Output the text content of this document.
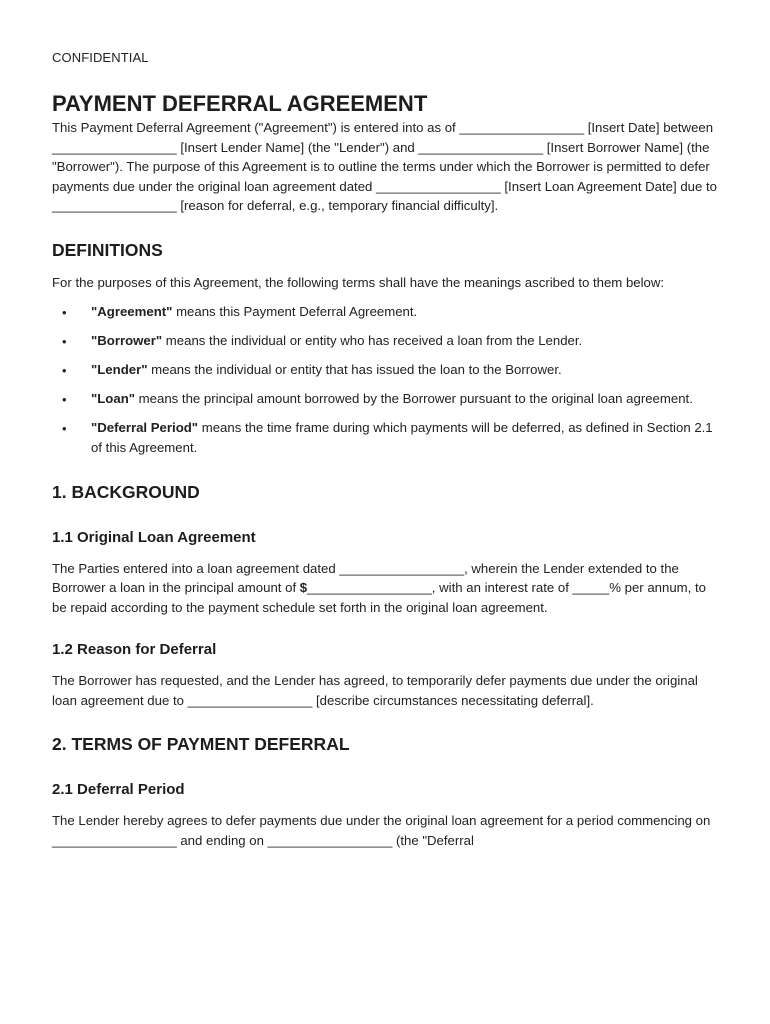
CONFIDENTIAL

PAYMENT DEFERRAL AGREEMENT

This Payment Deferral Agreement ("Agreement") is entered into as of _________________ [Insert Date] between _________________ [Insert Lender Name] (the "Lender") and _________________ [Insert Borrower Name] (the "Borrower"). The purpose of this Agreement is to outline the terms under which the Borrower is permitted to defer payments due under the original loan agreement dated _________________ [Insert Loan Agreement Date] due to _________________ [reason for deferral, e.g., temporary financial difficulty].

DEFINITIONS

For the purposes of this Agreement, the following terms shall have the meanings ascribed to them below:

• "Agreement" means this Payment Deferral Agreement.
• "Borrower" means the individual or entity who has received a loan from the Lender.
• "Lender" means the individual or entity that has issued the loan to the Borrower.
• "Loan" means the principal amount borrowed by the Borrower pursuant to the original loan agreement.
• "Deferral Period" means the time frame during which payments will be deferred, as defined in Section 2.1 of this Agreement.
1. BACKGROUND
1.1 Original Loan Agreement

The Parties entered into a loan agreement dated _________________, wherein the Lender extended to the Borrower a loan in the principal amount of $_________________, with an interest rate of _____% per annum, to be repaid according to the payment schedule set forth in the original loan agreement.

1.2 Reason for Deferral

The Borrower has requested, and the Lender has agreed, to temporarily defer payments due under the original loan agreement due to _________________ [describe circumstances necessitating deferral].

2. TERMS OF PAYMENT DEFERRAL
2.1 Deferral Period

The Lender hereby agrees to defer payments due under the original loan agreement for a period commencing on _________________ and ending on _________________ (the "Deferral
